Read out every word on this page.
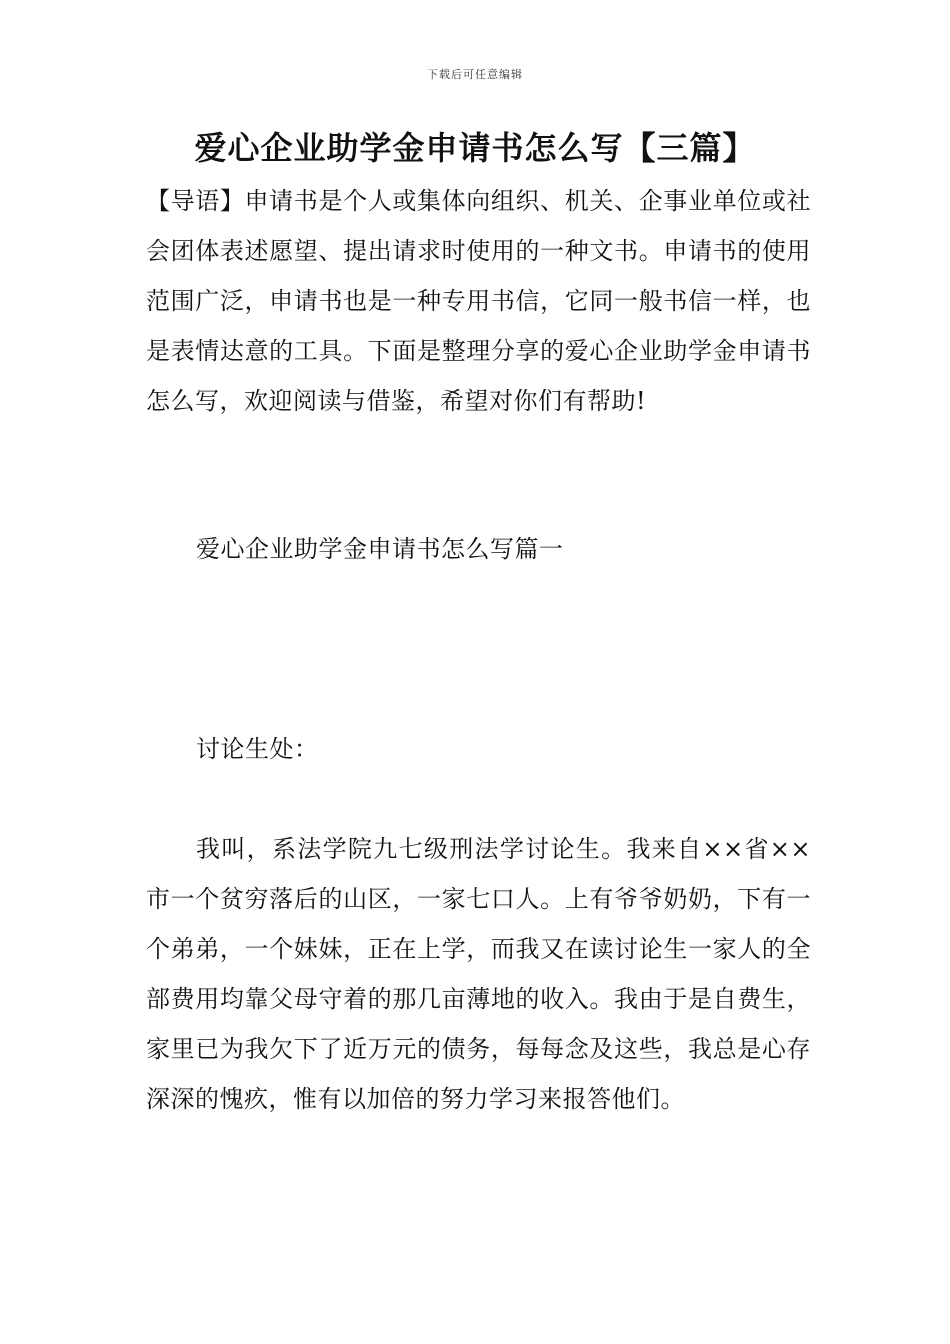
下载后可任意编辑
爱心企业助学金申请书怎么写【三篇】

【导语】申请书是个人或集体向组织、机关、企事业单位或社会团体表述愿望、提出请求时使用的一种文书。申请书的使用范围广泛，申请书也是一种专用书信，它同一般书信一样，也是表情达意的工具。下面是整理分享的爱心企业助学金申请书怎么写，欢迎阅读与借鉴，希望对你们有帮助!

爱心企业助学金申请书怎么写篇一

讨论生处：

我叫，系法学院九七级刑法学讨论生。我来自××省××市一个贫穷落后的山区，一家七口人。上有爷爷奶奶，下有一个弟弟，一个妹妹，正在上学，而我又在读讨论生一家人的全部费用均靠父母守着的那几亩薄地的收入。我由于是自费生，家里已为我欠下了近万元的债务，每每念及这些，我总是心存深深的愧疚，惟有以加倍的努力学习来报答他们。
